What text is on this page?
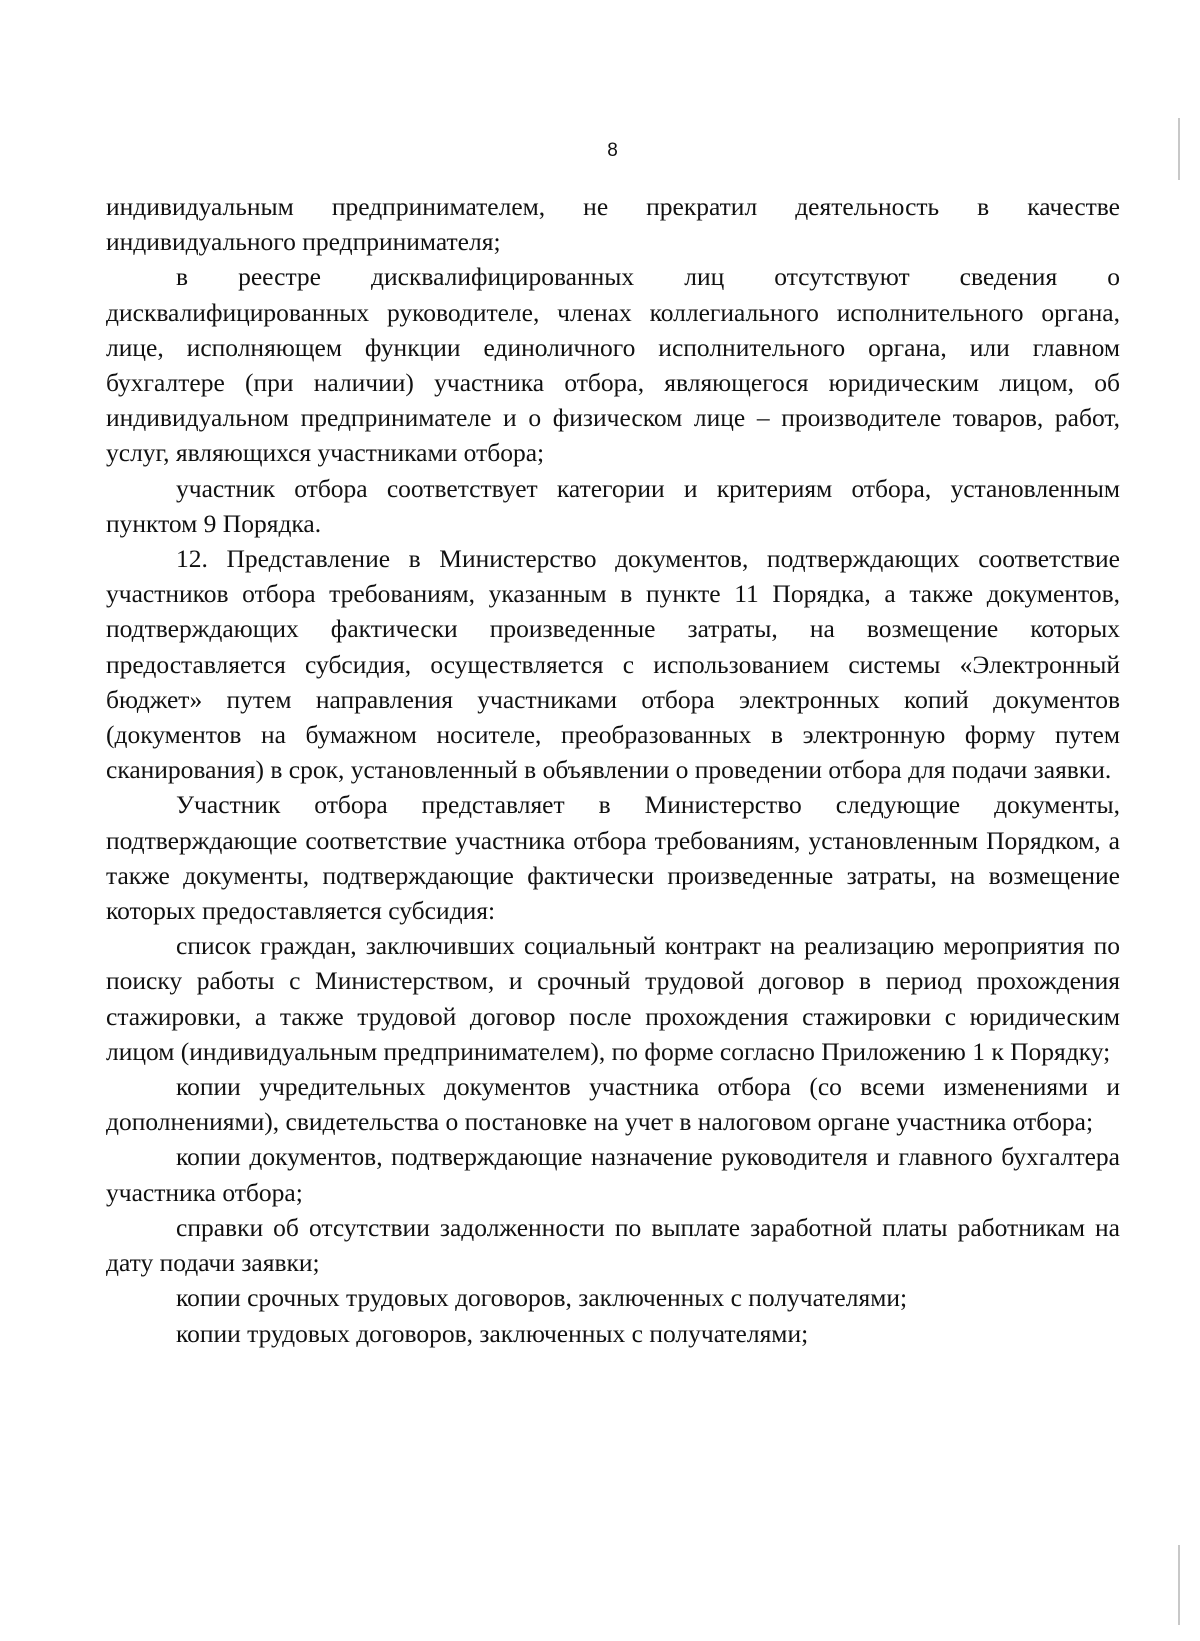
8

индивидуальным предпринимателем, не прекратил деятельность в качестве индивидуального предпринимателя;

в реестре дисквалифицированных лиц отсутствуют сведения о дисквалифицированных руководителе, членах коллегиального исполнительного органа, лице, исполняющем функции единоличного исполнительного органа, или главном бухгалтере (при наличии) участника отбора, являющегося юридическим лицом, об индивидуальном предпринимателе и о физическом лице – производителе товаров, работ, услуг, являющихся участниками отбора;

участник отбора соответствует категории и критериям отбора, установленным пунктом 9 Порядка.

12. Представление в Министерство документов, подтверждающих соответствие участников отбора требованиям, указанным в пункте 11 Порядка, а также документов, подтверждающих фактически произведенные затраты, на возмещение которых предоставляется субсидия, осуществляется с использованием системы «Электронный бюджет» путем направления участниками отбора электронных копий документов (документов на бумажном носителе, преобразованных в электронную форму путем сканирования) в срок, установленный в объявлении о проведении отбора для подачи заявки.

Участник отбора представляет в Министерство следующие документы, подтверждающие соответствие участника отбора требованиям, установленным Порядком, а также документы, подтверждающие фактически произведенные затраты, на возмещение которых предоставляется субсидия:

список граждан, заключивших социальный контракт на реализацию мероприятия по поиску работы с Министерством, и срочный трудовой договор в период прохождения стажировки, а также трудовой договор после прохождения стажировки с юридическим лицом (индивидуальным предпринимателем), по форме согласно Приложению 1 к Порядку;

копии учредительных документов участника отбора (со всеми изменениями и дополнениями), свидетельства о постановке на учет в налоговом органе участника отбора;

копии документов, подтверждающие назначение руководителя и главного бухгалтера участника отбора;

справки об отсутствии задолженности по выплате заработной платы работникам на дату подачи заявки;

копии срочных трудовых договоров, заключенных с получателями;

копии трудовых договоров, заключенных с получателями;
